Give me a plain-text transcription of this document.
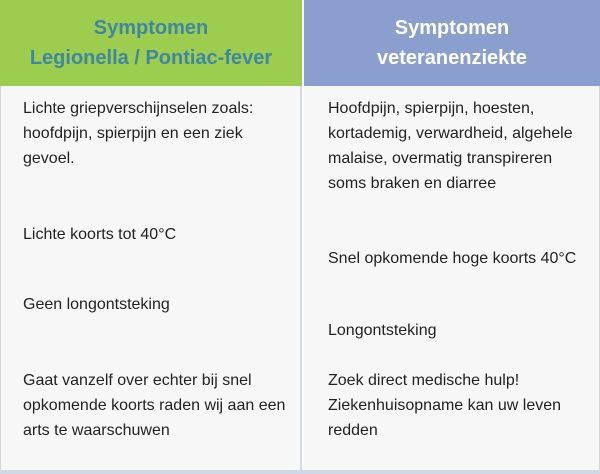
Symptomen
Legionella / Pontiac-fever
Lichte griepverschijnselen zoals: hoofdpijn, spierpijn en een ziek gevoel.
Lichte koorts tot 40°C
Geen longontsteking
Gaat vanzelf over echter bij snel opkomende koorts raden wij aan een arts te waarschuwen
Symptomen
veteranenziekte
Hoofdpijn, spierpijn, hoesten, kortademig, verwardheid, algehele malaise, overmatig transpireren soms braken en diarree
Snel opkomende hoge koorts 40°C
Longontsteking
Zoek direct medische hulp! Ziekenhuisopname kan uw leven redden
